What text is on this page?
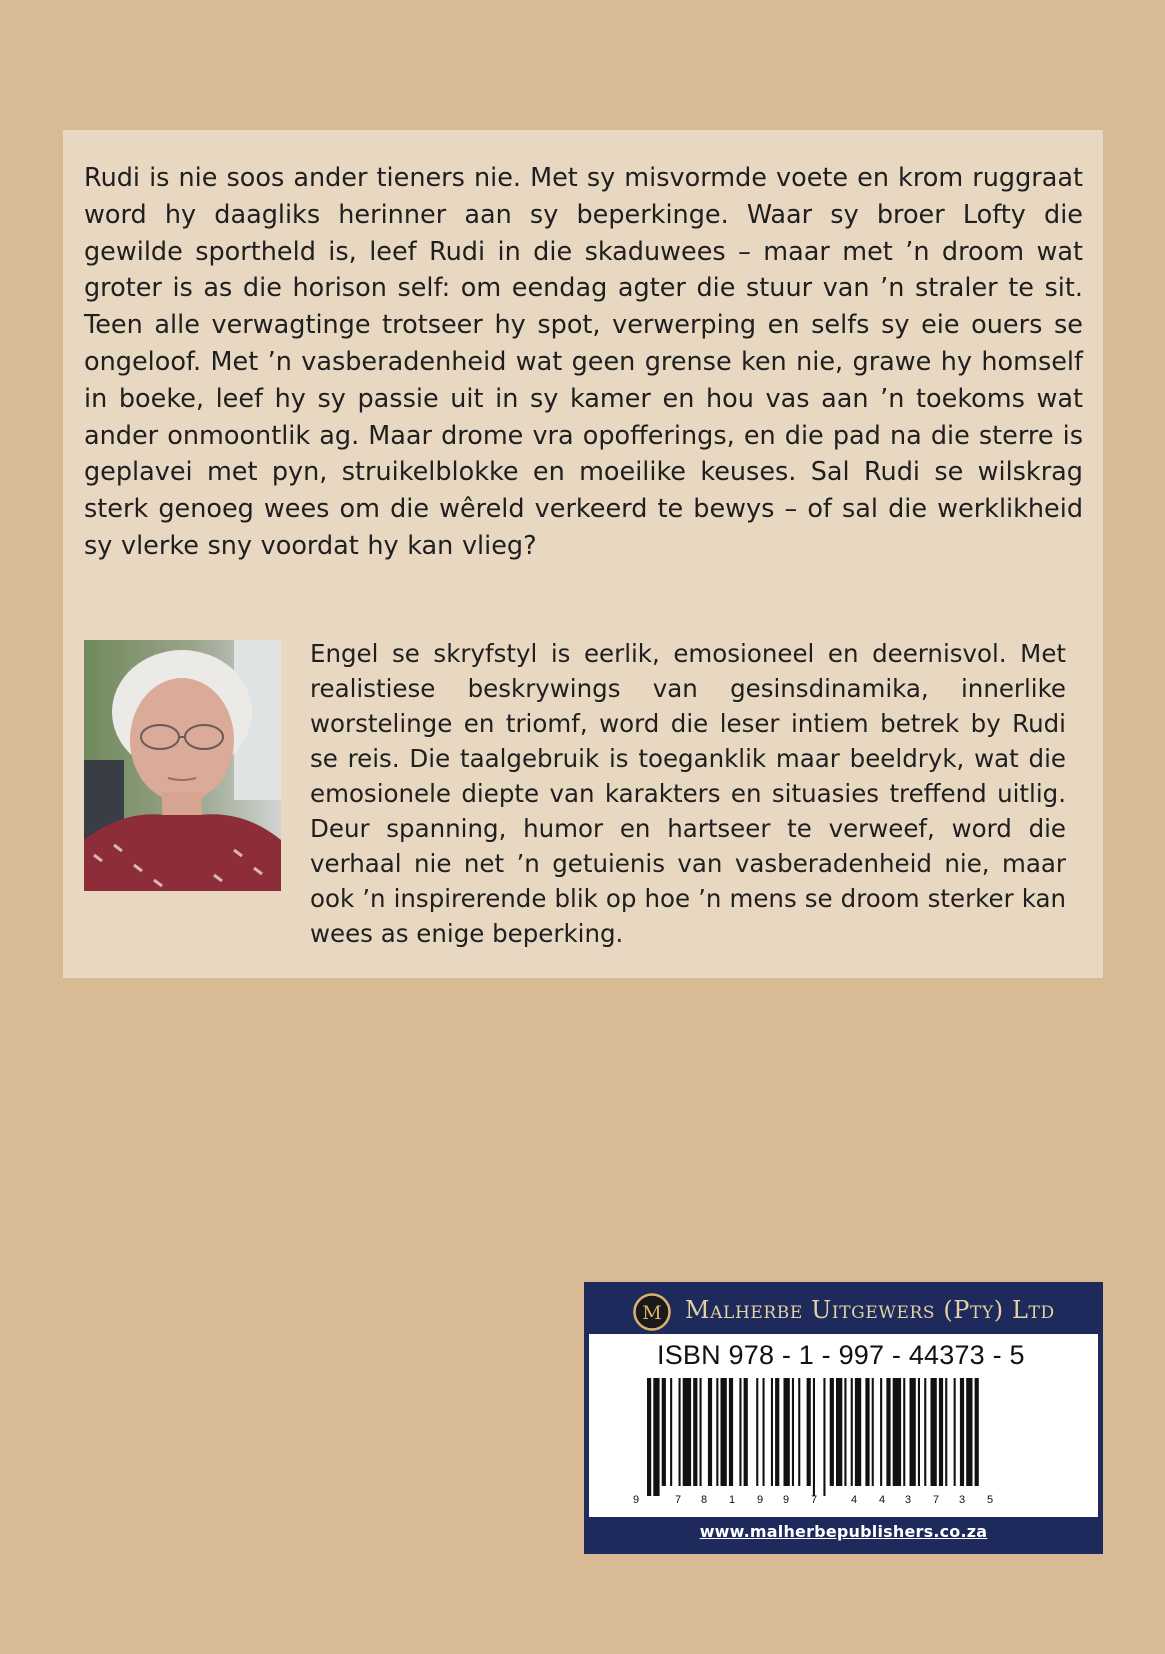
Rudi is nie soos ander tieners nie. Met sy misvormde voete en krom ruggraat word hy daagliks herinner aan sy beperkinge. Waar sy broer Lofty die gewilde sportheld is, leef Rudi in die skaduwees – maar met ’n droom wat groter is as die horison self: om eendag agter die stuur van ’n straler te sit. Teen alle verwagtinge trotseer hy spot, verwerping en selfs sy eie ouers se ongeloof. Met ’n vasberadenheid wat geen grense ken nie, grawe hy homself in boeke, leef hy sy passie uit in sy kamer en hou vas aan ’n toekoms wat ander onmoontlik ag. Maar drome vra opofferings, en die pad na die sterre is geplavei met pyn, struikelblokke en moeilike keuses. Sal Rudi se wilskrag sterk genoeg wees om die wêreld verkeerd te bewys – of sal die werklikheid sy vlerke sny voordat hy kan vlieg?

Engel se skryfstyl is eerlik, emosioneel en deernisvol. Met realistiese beskrywings van gesinsdinamika, innerlike worstelinge en triomf, word die leser intiem betrek by Rudi se reis. Die taalgebruik is toeganklik maar beeldryk, wat die emosionele diepte van karakters en situasies treffend uitlig. Deur spanning, humor en hartseer te verweef, word die verhaal nie net ’n getuienis van vasberadenheid nie, maar ook ’n inspirerende blik op hoe ’n mens se droom sterker kan wees as enige beperking.

M Malherbe Uitgewers (Pty) Ltd
ISBN 978 - 1 - 997 - 44373 - 5
9	7 8 1 9 9 7	4 4 3 7 3 5
www.malherbepublishers.co.za
